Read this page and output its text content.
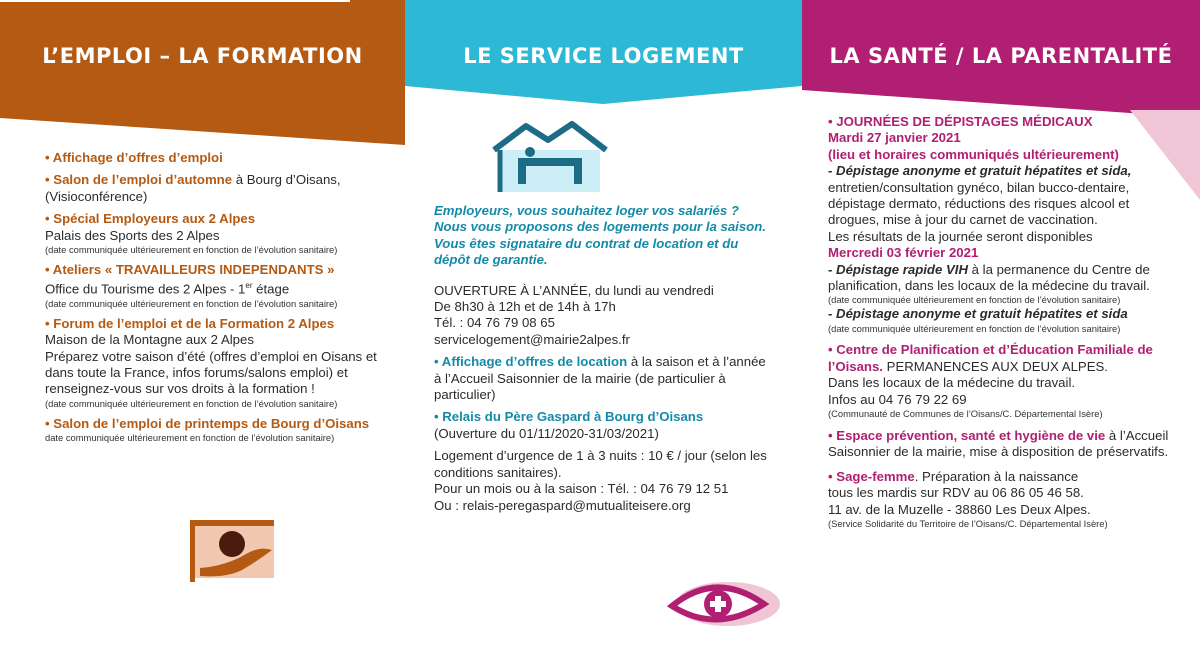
L’EMPLOI – LA FORMATION	LE SERVICE LOGEMENT	LA SANTÉ / LA PARENTALITÉ
• Affichage d’offres d’emploi
• Salon de l’emploi d’automne à Bourg d’Oisans, (Visioconférence)
• Spécial Employeurs aux 2 Alpes
Palais des Sports des 2 Alpes
(date communiquée ultérieurement en fonction de l’évolution sanitaire)
• Ateliers « TRAVAILLEURS INDEPENDANTS »
Office du Tourisme des 2 Alpes - 1er étage
(date communiquée ultérieurement en fonction de l’évolution sanitaire)
• Forum de l’emploi et de la Formation 2 Alpes
Maison de la Montagne aux 2 Alpes
Préparez votre saison d’été (offres d’emploi en Oisans et dans toute la France, infos forums/salons emploi) et renseignez-vous sur vos droits à la formation !
(date communiquée ultérieurement en fonction de l’évolution sanitaire)
• Salon de l’emploi de printemps de Bourg d’Oisans
date communiquée ultérieurement en fonction de l’évolution sanitaire)
Employeurs, vous souhaitez loger vos salariés ? Nous vous proposons des logements pour la saison. Vous êtes signataire du contrat de location et du dépôt de garantie.
OUVERTURE À L’ANNÉE, du lundi au vendredi
De 8h30 à 12h et de 14h à 17h
Tél. : 04 76 79 08 65
servicelogement@mairie2alpes.fr
• Affichage d’offres de location à la saison et à l’année à l’Accueil Saisonnier de la mairie (de particulier à particulier)
• Relais du Père Gaspard à Bourg d’Oisans
(Ouverture du 01/11/2020-31/03/2021)
Logement d’urgence de 1 à 3 nuits : 10 € / jour (selon les conditions sanitaires).
Pour un mois ou à la saison : Tél. : 04 76 79 12 51
Ou : relais-peregaspard@mutualiteisere.org
• JOURNÉES DE DÉPISTAGES MÉDICAUX
Mardi 27 janvier 2021
(lieu et horaires communiqués ultérieurement)
- Dépistage anonyme et gratuit hépatites et sida, entretien/consultation gynéco, bilan bucco-dentaire, dépistage dermato, réductions des risques alcool et drogues, mise à jour du carnet de vaccination.
Les résultats de la journée seront disponibles
Mercredi 03 février 2021
- Dépistage rapide VIH à la permanence du Centre de planification, dans les locaux de la médecine du travail.
(date communiquée ultérieurement en fonction de l’évolution sanitaire)
- Dépistage anonyme et gratuit hépatites et sida
(date communiquée ultérieurement en fonction de l’évolution sanitaire)
• Centre de Planification et d’Éducation Familiale de l’Oisans. PERMANENCES AUX DEUX ALPES.
Dans les locaux de la médecine du travail.
Infos au 04 76 79 22 69
(Communauté de Communes de l’Oisans/C. Départemental Isère)
• Espace prévention, santé et hygiène de vie à l’Accueil Saisonnier de la mairie, mise à disposition de préservatifs.
• Sage-femme. Préparation à la naissance
tous les mardis sur RDV au 06 86 05 46 58.
11 av. de la Muzelle - 38860 Les Deux Alpes.
(Service Solidarité du Territoire de l’Oisans/C. Départemental Isère)
